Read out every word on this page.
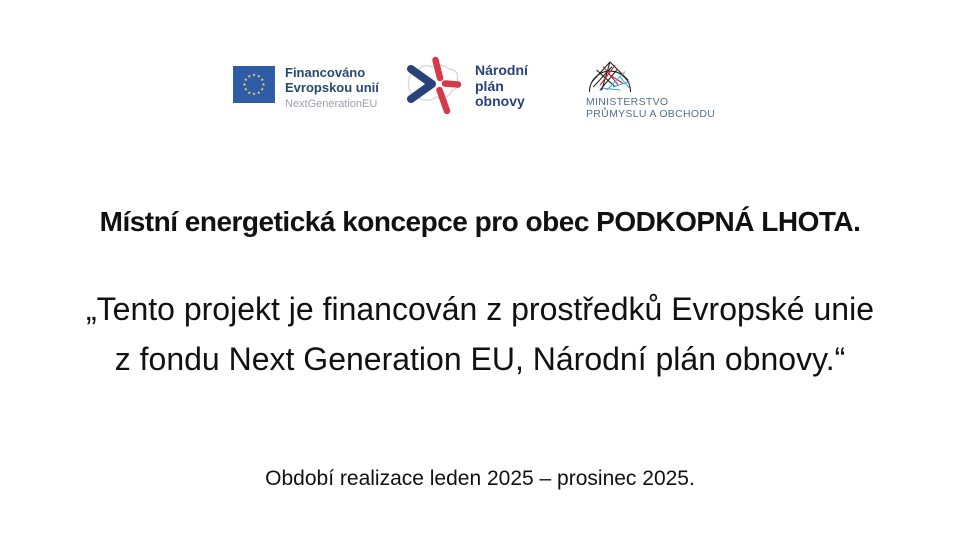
Financováno
Evropskou unií
NextGenerationEU
Národní
plán
obnovy	MINISTERSTVO
PRŮMYSLU A OBCHODU
Místní energetická koncepce pro obec PODKOPNÁ LHOTA.

„Tento projekt je financován z prostředků Evropské unie
z fondu Next Generation EU, Národní plán obnovy.“

Období realizace leden 2025 – prosinec 2025.
